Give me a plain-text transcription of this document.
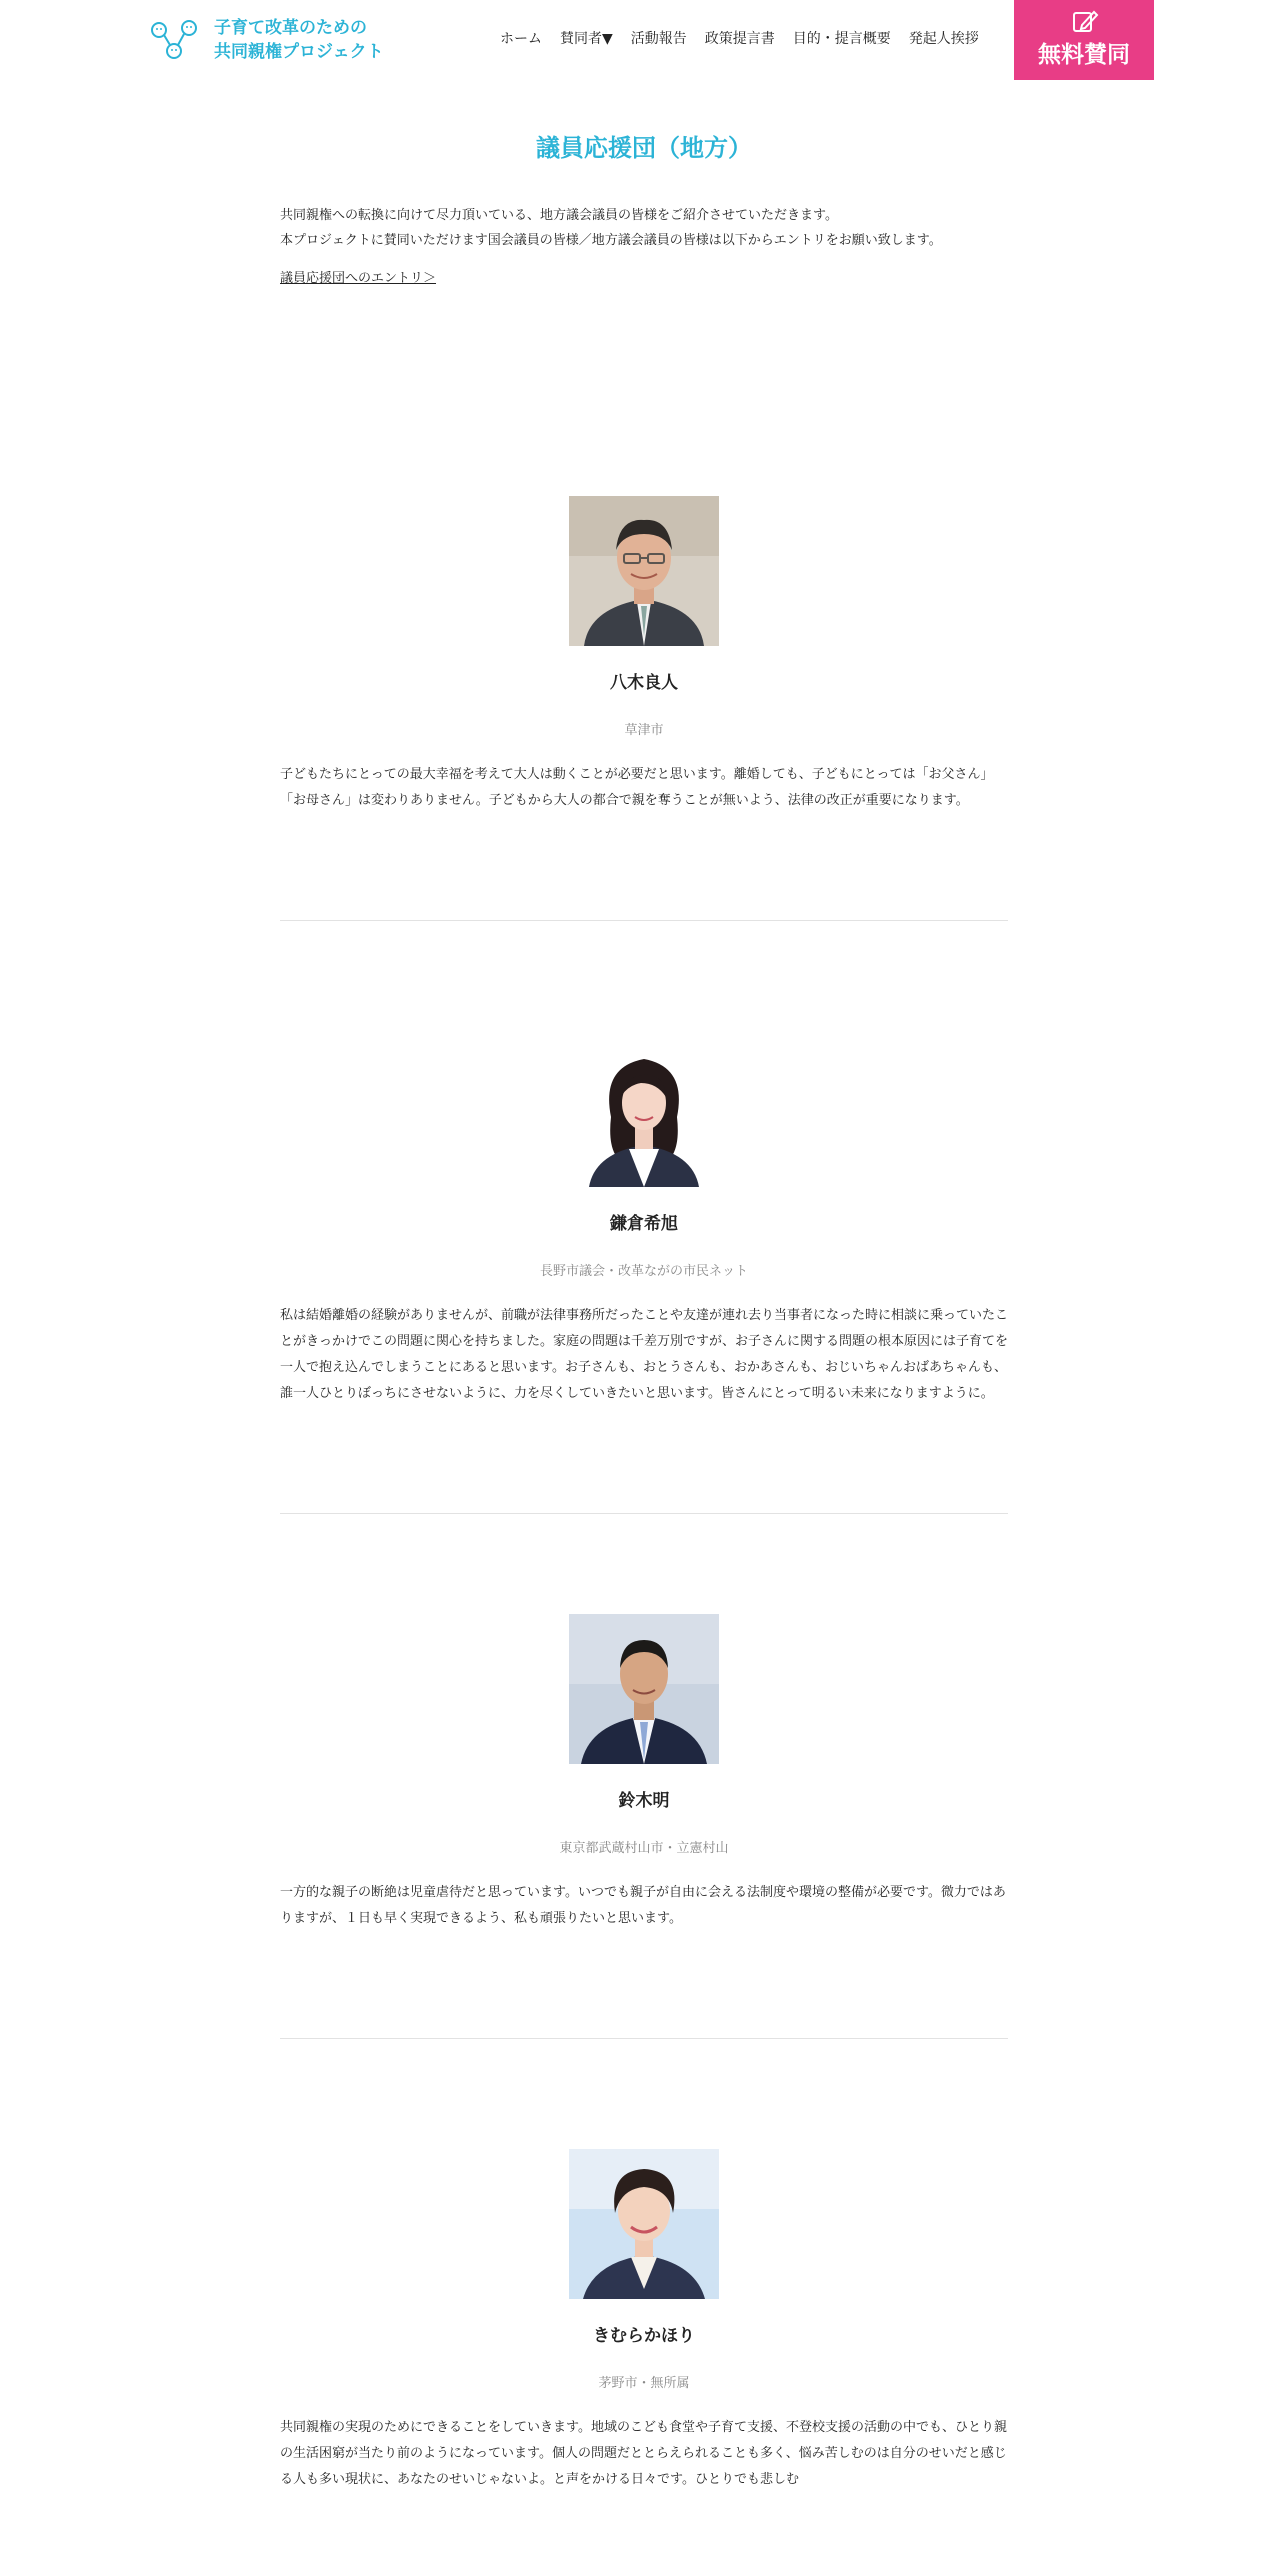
子育て改革のための
共同親権プロジェクト
ホーム 賛同者▼ 活動報告 政策提言書 目的・提言概要 発起人挨拶
無料賛同
議員応援団（地方）

共同親権への転換に向けて尽力頂いている、地方議会議員の皆様をご紹介させていただきます。

本プロジェクトに賛同いただけます国会議員の皆様／地方議会議員の皆様は以下からエントリをお願い致します。

議員応援団へのエントリ＞
八木良人
草津市
子どもたちにとっての最大幸福を考えて大人は動くことが必要だと思います。離婚しても、子どもにとっては「お父さん」「お母さん」は変わりありません。子どもから大人の都合で親を奪うことが無いよう、法律の改正が重要になります。
鎌倉希旭
長野市議会・改革ながの市民ネット
私は結婚離婚の経験がありませんが、前職が法律事務所だったことや友達が連れ去り当事者になった時に相談に乗っていたことがきっかけでこの問題に関心を持ちました。家庭の問題は千差万別ですが、お子さんに関する問題の根本原因には子育てを一人で抱え込んでしまうことにあると思います。お子さんも、おとうさんも、おかあさんも、おじいちゃんおばあちゃんも、誰一人ひとりぼっちにさせないように、力を尽くしていきたいと思います。皆さんにとって明るい未来になりますように。
鈴木明
東京都武蔵村山市・立憲村山
一方的な親子の断絶は児童虐待だと思っています。いつでも親子が自由に会える法制度や環境の整備が必要です。微力ではありますが、１日も早く実現できるよう、私も頑張りたいと思います。
きむらかほり
茅野市・無所属
共同親権の実現のためにできることをしていきます。地域のこども食堂や子育て支援、不登校支援の活動の中でも、ひとり親の生活困窮が当たり前のようになっています。個人の問題だととらえられることも多く、悩み苦しむのは自分のせいだと感じる人も多い現状に、あなたのせいじゃないよ。と声をかける日々です。ひとりでも悲しむ
